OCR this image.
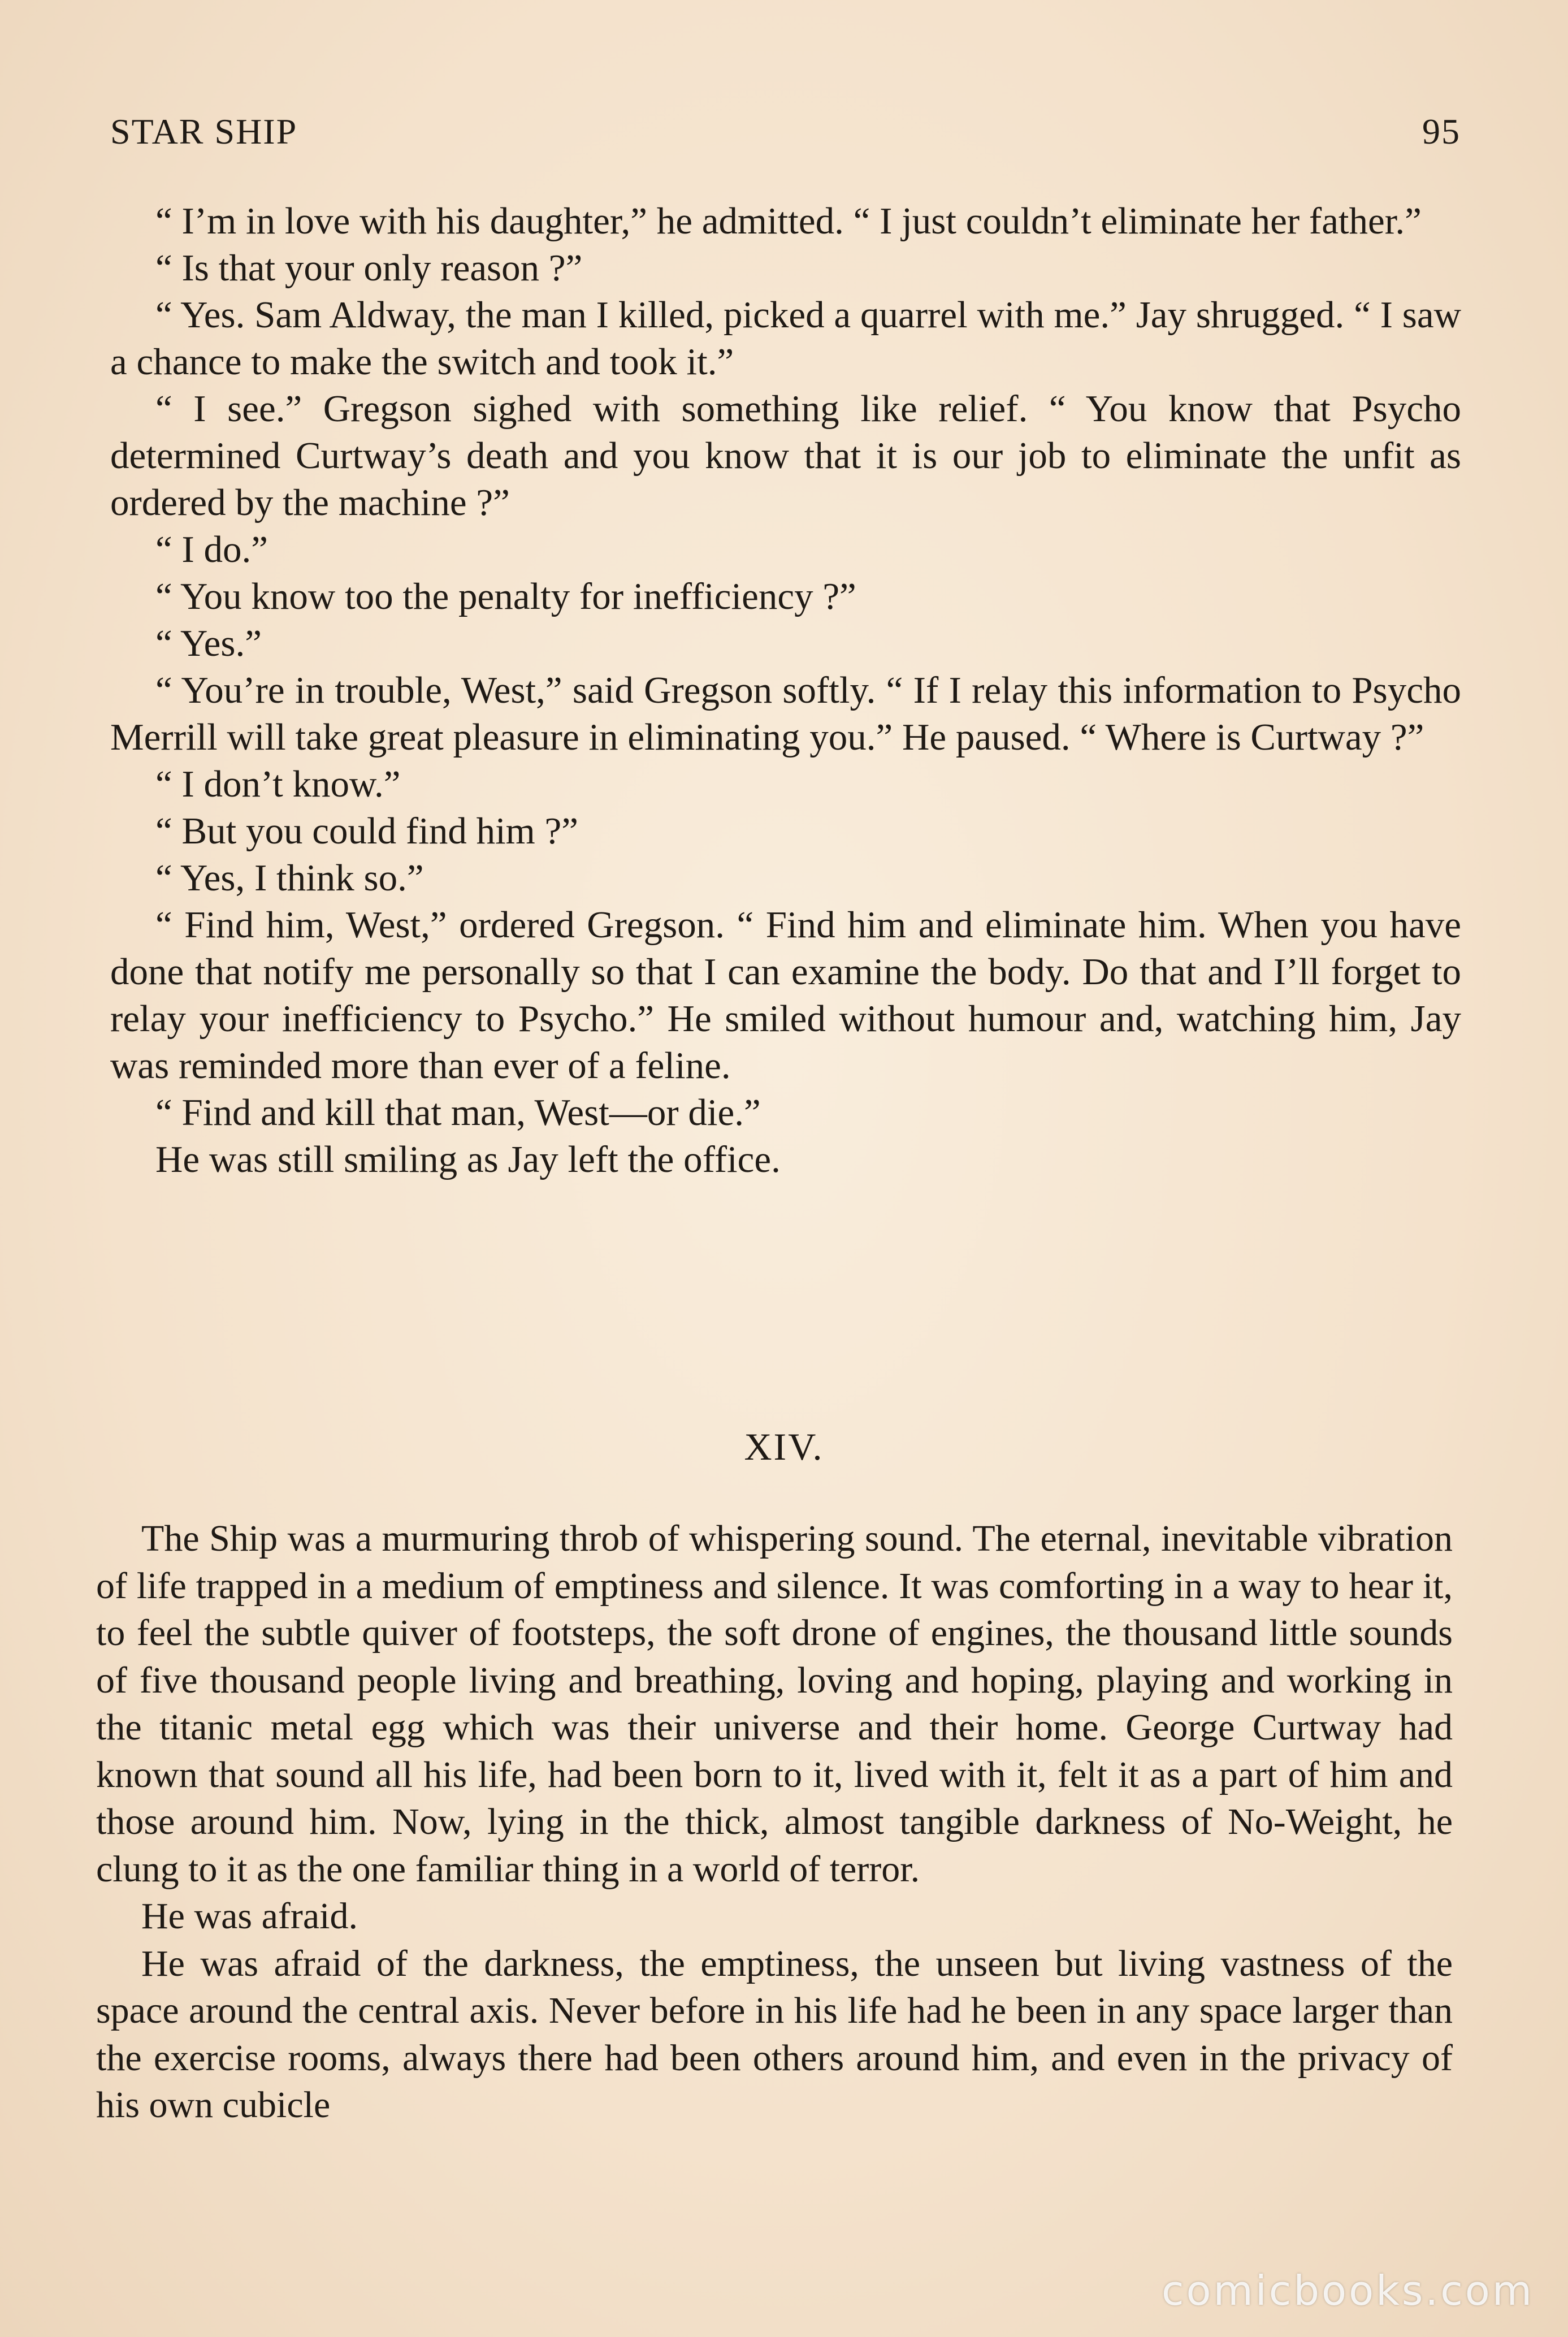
STAR SHIP	95

“ I’m in love with his daughter,” he admitted. “ I just couldn’t eliminate her father.”

“ Is that your only reason ?”

“ Yes. Sam Aldway, the man I killed, picked a quarrel with me.” Jay shrugged. “ I saw a chance to make the switch and took it.”

“ I see.” Gregson sighed with something like relief. “ You know that Psycho determined Curtway’s death and you know that it is our job to eliminate the unfit as ordered by the machine ?”

“ I do.”

“ You know too the penalty for inefficiency ?”

“ Yes.”

“ You’re in trouble, West,” said Gregson softly. “ If I relay this information to Psycho Merrill will take great pleasure in eliminating you.” He paused. “ Where is Curtway ?”

“ I don’t know.”

“ But you could find him ?”

“ Yes, I think so.”

“ Find him, West,” ordered Gregson. “ Find him and eliminate him. When you have done that notify me personally so that I can examine the body. Do that and I’ll forget to relay your inefficiency to Psycho.” He smiled without humour and, watching him, Jay was reminded more than ever of a feline.

“ Find and kill that man, West—or die.”

He was still smiling as Jay left the office.

XIV.

The Ship was a murmuring throb of whispering sound. The eternal, inevitable vibration of life trapped in a medium of emptiness and silence. It was comforting in a way to hear it, to feel the subtle quiver of footsteps, the soft drone of engines, the thousand little sounds of five thousand people living and breathing, loving and hoping, playing and working in the titanic metal egg which was their universe and their home. George Curtway had known that sound all his life, had been born to it, lived with it, felt it as a part of him and those around him. Now, lying in the thick, almost tangible darkness of No-Weight, he clung to it as the one familiar thing in a world of terror.

He was afraid.

He was afraid of the darkness, the emptiness, the unseen but living vastness of the space around the central axis. Never before in his life had he been in any space larger than the exercise rooms, always there had been others around him, and even in the privacy of his own cubicle

comicbooks.com
